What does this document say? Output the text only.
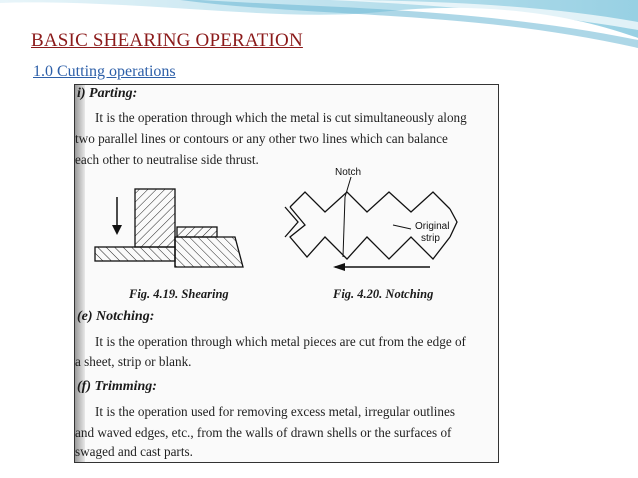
BASIC SHEARING OPERATION
1.0 Cutting operations
i) Parting:
It is the operation through which the metal is cut simultaneously along
two parallel lines or contours or any other two lines which can balance
each other to neutralise side thrust.
Notch
Original
strip
Fig. 4.19. Shearing	Fig. 4.20. Notching
(e) Notching:
It is the operation through which metal pieces are cut from the edge of
a sheet, strip or blank.
(f) Trimming:
It is the operation used for removing excess metal, irregular outlines
and waved edges, etc., from the walls of drawn shells or the surfaces of
swaged and cast parts.
